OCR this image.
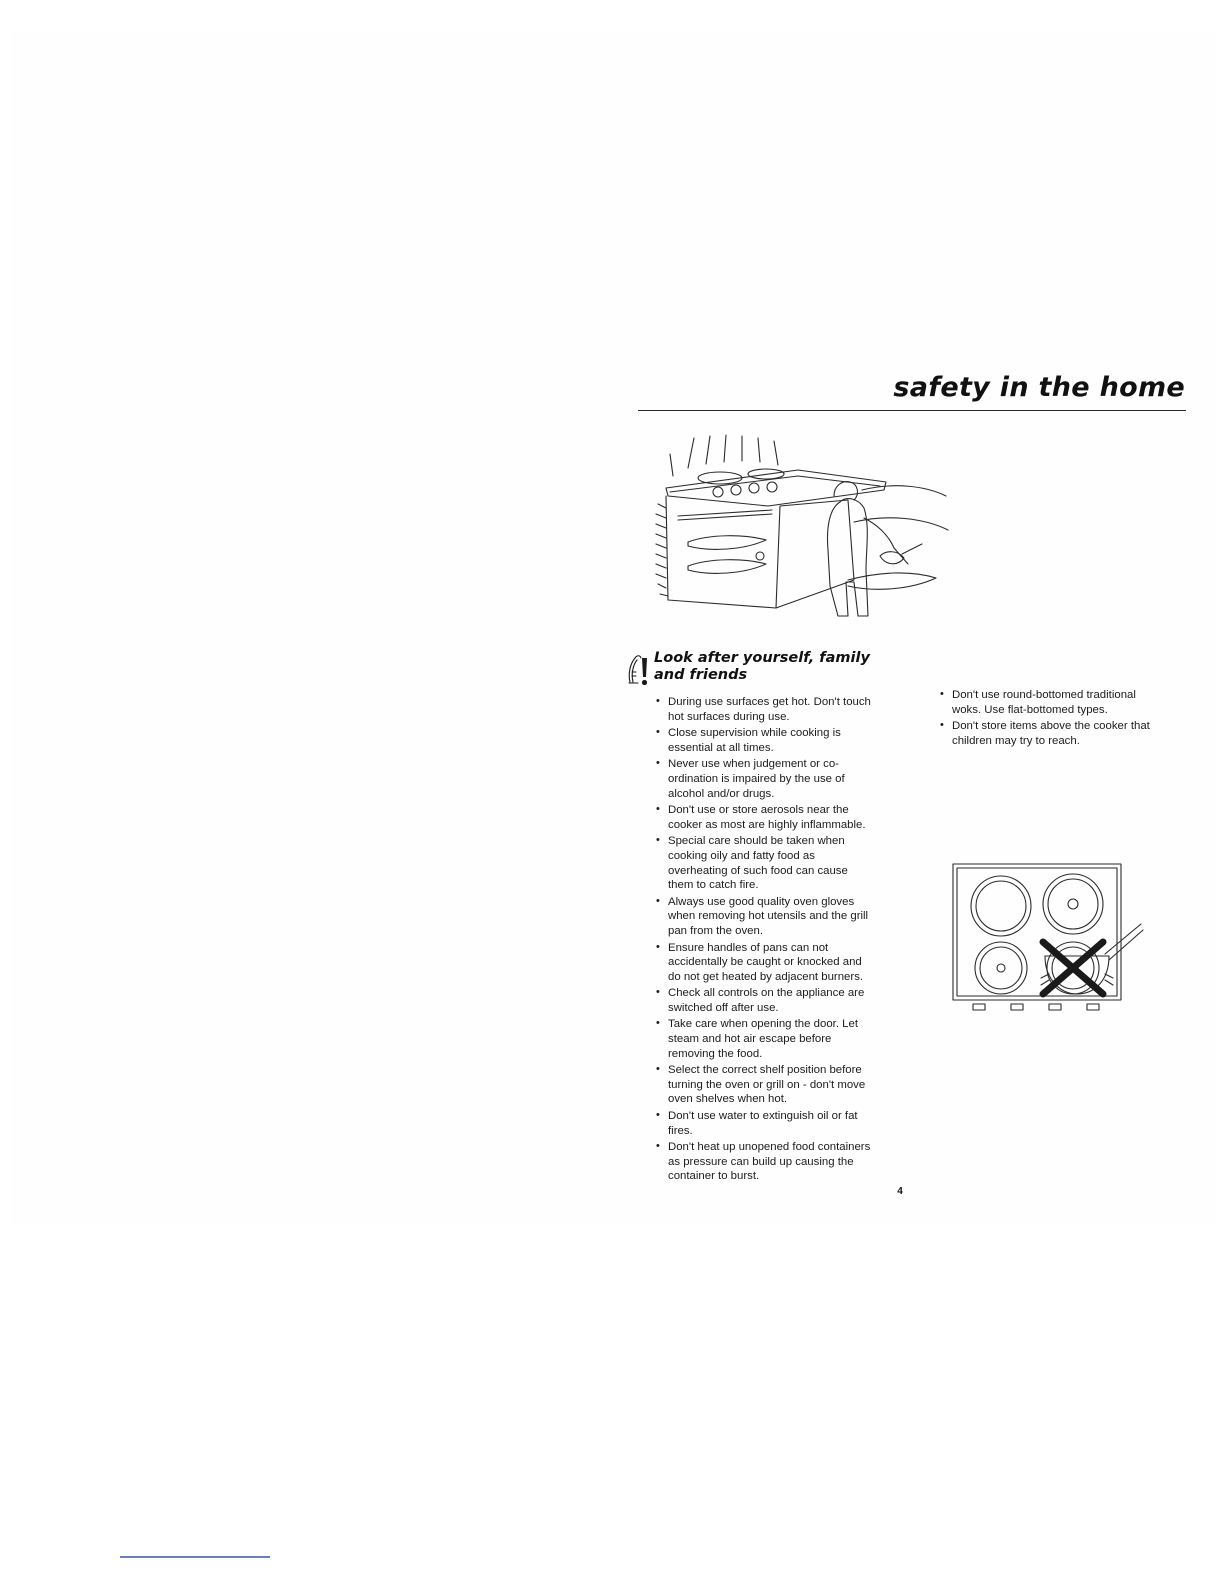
safety in the home
Look after yourself, family and friends
• During use surfaces get hot. Don't touch hot surfaces during use.
• Close supervision while cooking is essential at all times.
• Never use when judgement or co-ordination is impaired by the use of alcohol and/or drugs.
• Don't use or store aerosols near the cooker as most are highly inflammable.
• Special care should be taken when cooking oily and fatty food as overheating of such food can cause them to catch fire.
• Always use good quality oven gloves when removing hot utensils and the grill pan from the oven.
• Ensure handles of pans can not accidentally be caught or knocked and do not get heated by adjacent burners.
• Check all controls on the appliance are switched off after use.
• Take care when opening the door. Let steam and hot air escape before removing the food.
• Select the correct shelf position before turning the oven or grill on - don't move oven shelves when hot.
• Don't use water to extinguish oil or fat fires.
• Don't heat up unopened food containers as pressure can build up causing the container to burst.
• Don't use round-bottomed traditional woks. Use flat-bottomed types.
• Don't store items above the cooker that children may try to reach.
4
